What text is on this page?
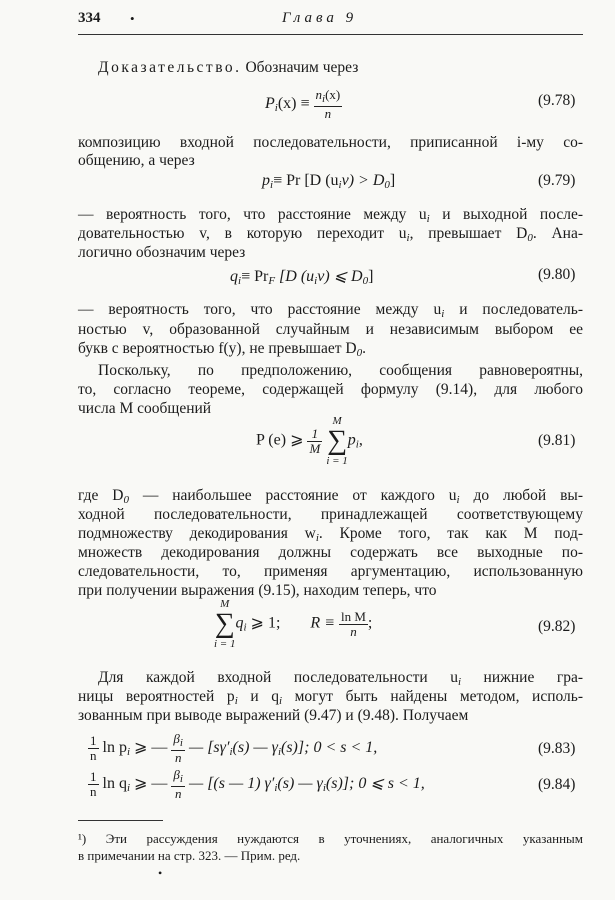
334 •	Глава 9
Доказательство. Обозначим через
$P_i(x) \equiv \frac{n_i(x)}{n}$	(9.78)
композицию входной последовательности, приписанной i-му со-
общению, а через
$p_i\equiv Pr$ [D $(u_iv) > D_0$]	(9.79)
— вероятность того, что расстояние между $u_i$ и выходной после-
довательностью v, в которую переходит $u_i$, превышает $D_0$. Ана-
логично обозначим через
$q_i\equiv Pr_F$ [D $(u_iv)$ ⩽ $D_0$]	(9.80)
— вероятность того, что расстояние между $u_i$ и последователь-
ностью v, образованной случайным и независимым выбором ее
букв с вероятностью f(y), не превышает $D_0$.
Поскольку, по предположению, сообщения равновероятны,
то, согласно теореме, содержащей формулу (9.14), для любого
числа M сообщений
P (e) ⩾ $\frac{1}{M}$
M
∑
$i = 1p_i$,	(9.81)
где $D_0$ — наибольшее расстояние от каждого $u_i$ до любой вы-
ходной последовательности, принадлежащей соответствующему
подмножеству декодирования $w_i$. Кроме того, так как M под-
множеств декодирования должны содержать все выходные по-
следовательности, то, применяя аргументацию, использованную
при получении выражения (9.15), находим теперь, что
M
∑
$i = 1q_i$ ⩾ 1; $R \equiv \frac{\text{ln M}}{n}$ ;	(9.82)
Для каждой входной последовательности $u_i$ нижние гра-
ницы вероятностей $p_i$ и $q_i$ могут быть найдены методом, исполь-
зованным при выводе выражений (9.47) и (9.48). Получаем
$\frac{1}{n}$ $\ln p_i$ ⩾ — $\frac{\beta_i}{n}$ — [$s\gamma'_i(s)$ — $\gamma_i(s)$]; 0 < s < 1,	(9.83)
$\frac{1}{n}$ $\ln q_i$ ⩾ — $\frac{\beta_i}{n}$ — [(s — 1) $\gamma'_i(s)$ — $\gamma_i(s)$]; 0 ⩽ s < 1,	(9.84)
¹) Эти рассуждения нуждаются в уточнениях, аналогичных указанным
в примечании на стр. 323. — Прим. ред.
•
